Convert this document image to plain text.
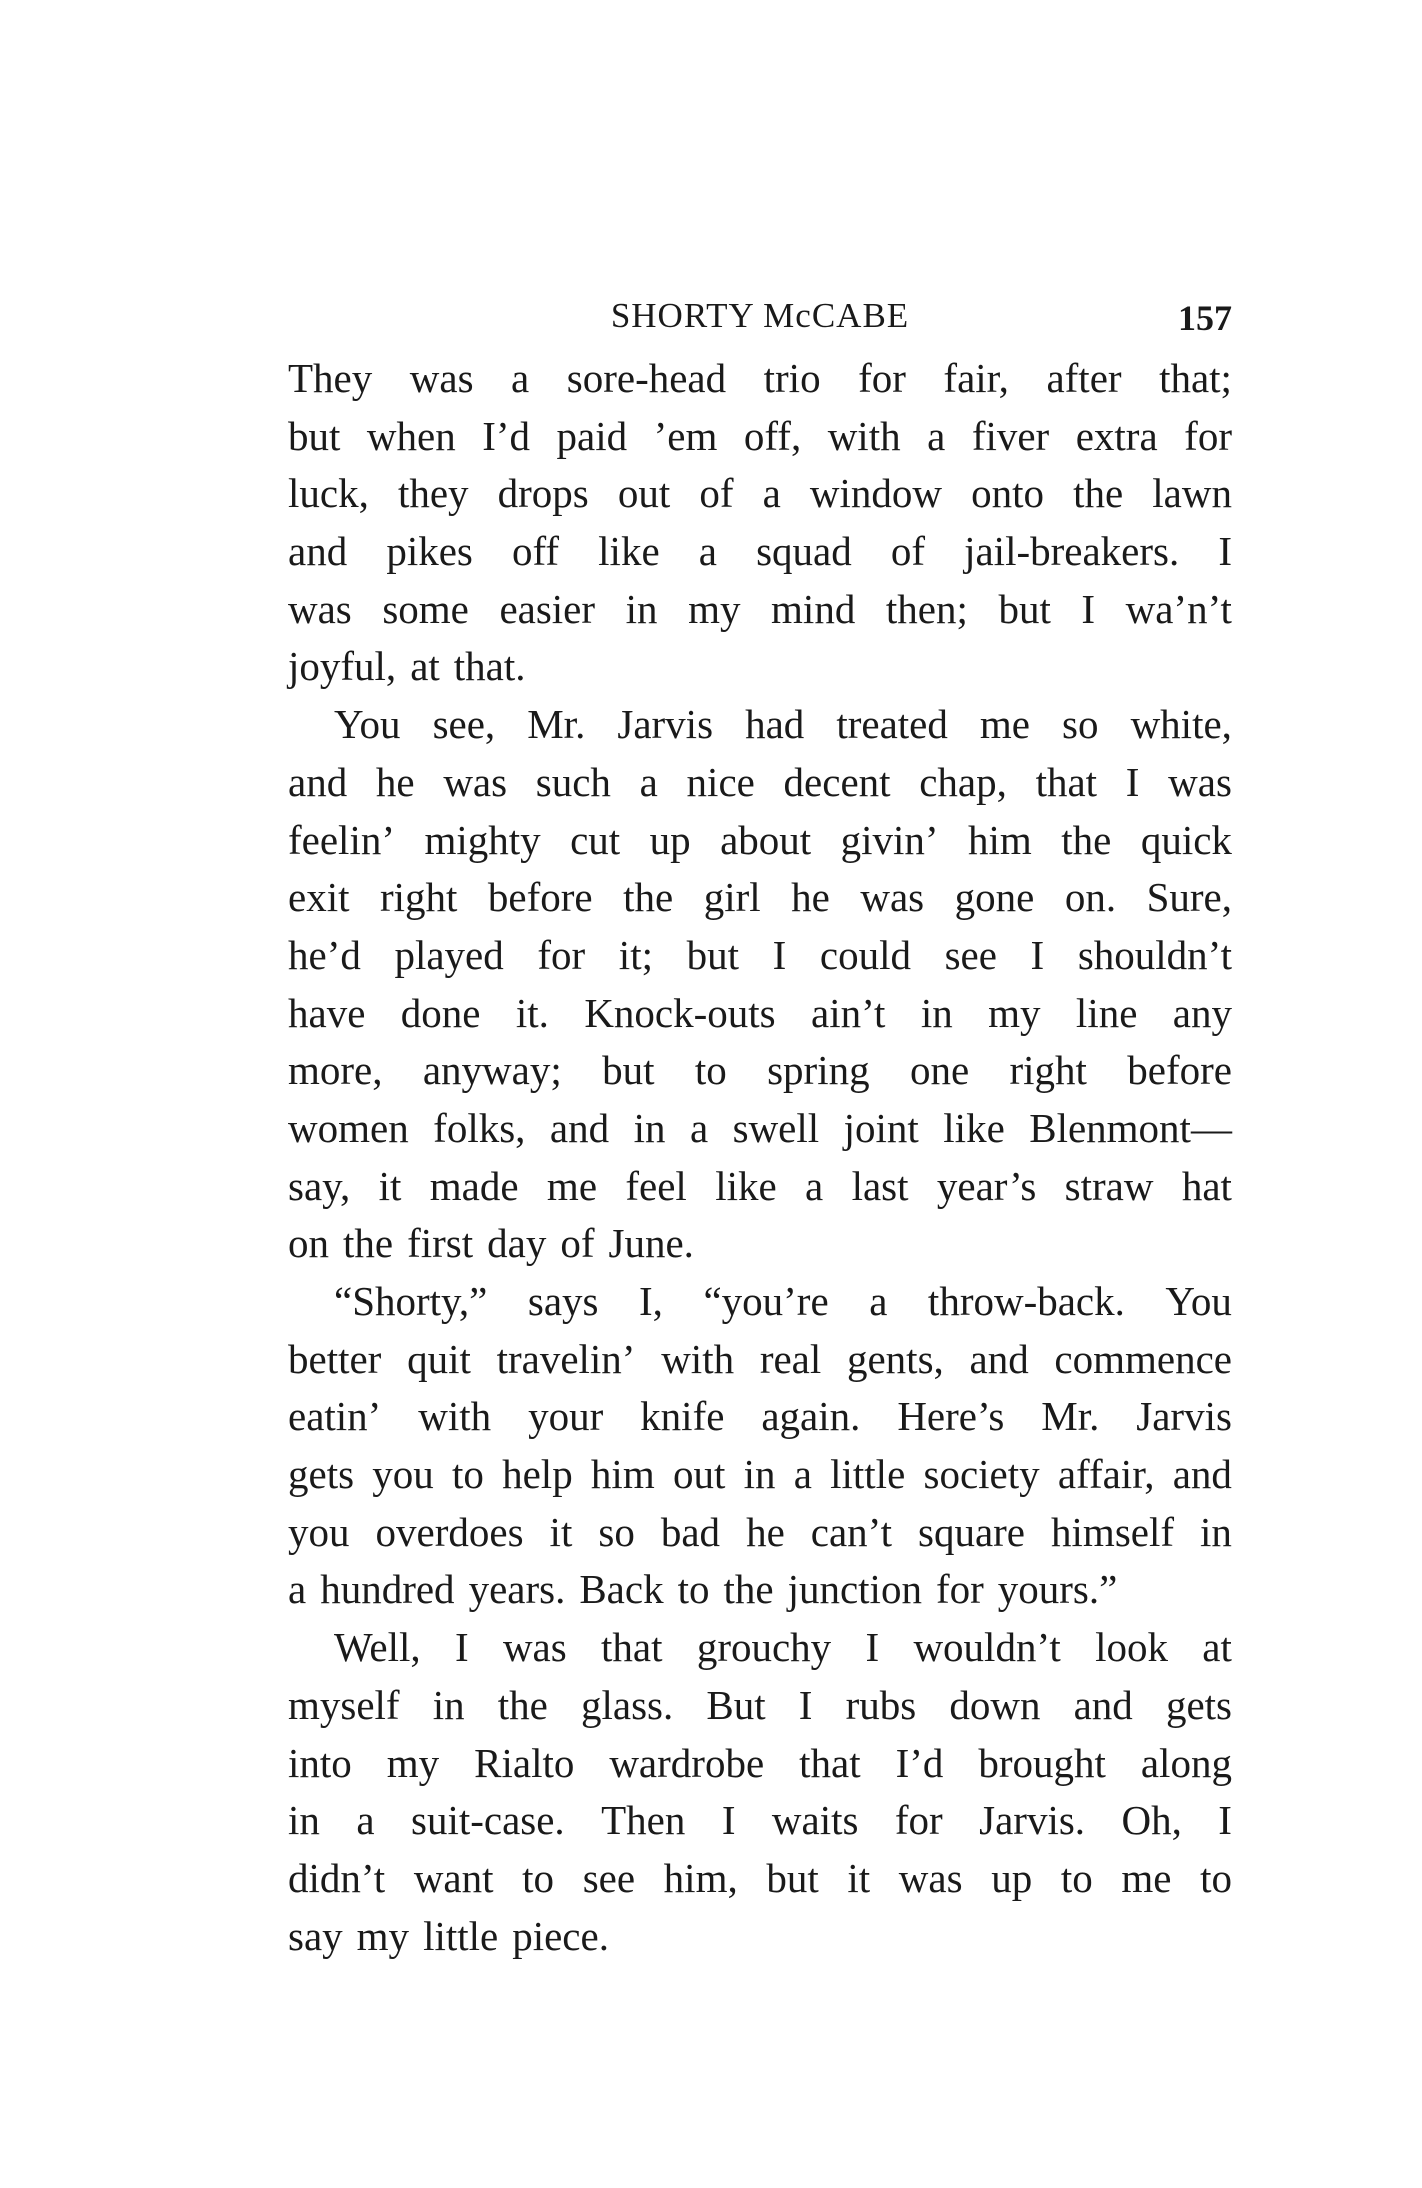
SHORTY McCABE	157
They was a sore-head trio for fair, after that;
but when I’d paid ’em off, with a fiver extra for
luck, they drops out of a window onto the lawn
and pikes off like a squad of jail-breakers. I
was some easier in my mind then; but I wa’n’t
joyful, at that.
You see, Mr. Jarvis had treated me so white,
and he was such a nice decent chap, that I was
feelin’ mighty cut up about givin’ him the quick
exit right before the girl he was gone on. Sure,
he’d played for it; but I could see I shouldn’t
have done it. Knock-outs ain’t in my line any
more, anyway; but to spring one right before
women folks, and in a swell joint like Blenmont—
say, it made me feel like a last year’s straw hat
on the first day of June.
“Shorty,” says I, “you’re a throw-back. You
better quit travelin’ with real gents, and commence
eatin’ with your knife again. Here’s Mr. Jarvis
gets you to help him out in a little society affair, and
you overdoes it so bad he can’t square himself in
a hundred years. Back to the junction for yours.”
Well, I was that grouchy I wouldn’t look at
myself in the glass. But I rubs down and gets
into my Rialto wardrobe that I’d brought along
in a suit-case. Then I waits for Jarvis. Oh, I
didn’t want to see him, but it was up to me to
say my little piece.
